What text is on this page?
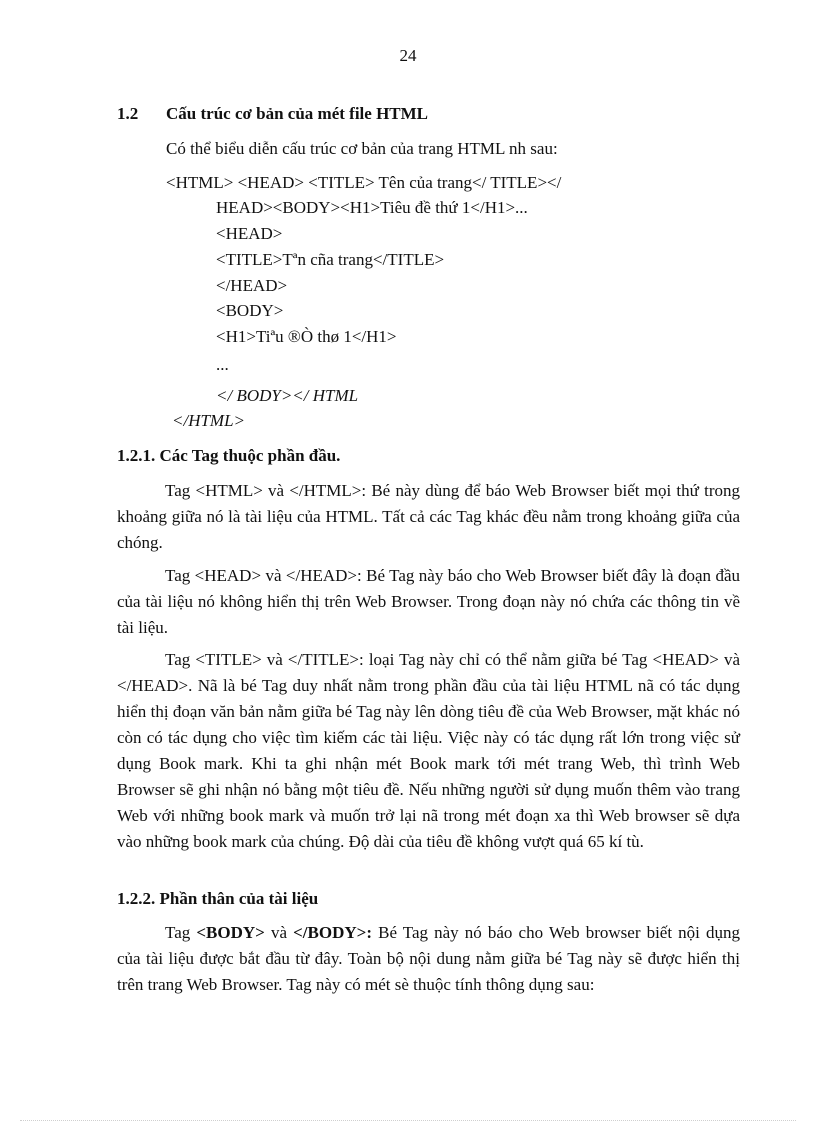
24
1.2 Cấu trúc cơ bản của mét file HTML
Có thể biểu diễn cấu trúc cơ bản của trang HTML nh sau:
<HTML> <HEAD> <TITLE> Tên của trang</ TITLE></
HEAD><BODY><H1>Tiêu đề thứ 1</H1>...
<HEAD>
<TITLE>Tªn cña trang</TITLE>
</HEAD>
<BODY>
<H1>Tiªu ®Ò thø 1</H1>
...
</ BODY></ HTML
</HTML>
1.2.1. Các Tag thuộc phần đầu.

Tag <HTML> và </HTML>: Bé này dùng để báo Web Browser biết mọi thứ trong khoảng giữa nó là tài liệu của HTML. Tất cả các Tag khác đều nằm trong khoảng giữa của chóng.

Tag <HEAD> và </HEAD>: Bé Tag này báo cho Web Browser biết đây là đoạn đầu của tài liệu nó không hiển thị trên Web Browser. Trong đoạn này nó chứa các thông tin về tài liệu.

Tag <TITLE> và </TITLE>: loại Tag này chỉ có thể nằm giữa bé Tag <HEAD> và </HEAD>. Nã là bé Tag duy nhất nằm trong phần đầu của tài liệu HTML nã có tác dụng hiển thị đoạn văn bản nằm giữa bé Tag này lên dòng tiêu đề của Web Browser, mặt khác nó còn có tác dụng cho việc tìm kiếm các tài liệu. Việc này có tác dụng rất lớn trong việc sử dụng Book mark. Khi ta ghi nhận mét Book mark tới mét trang Web, thì trình Web Browser sẽ ghi nhận nó bằng một tiêu đề. Nếu những người sử dụng muốn thêm vào trang Web với những book mark và muốn trở lại nã trong mét đoạn xa thì Web browser sẽ dựa vào những book mark của chúng. Độ dài của tiêu đề không vượt quá 65 kí tù.

1.2.2. Phần thân của tài liệu

Tag <BODY> và </BODY>: Bé Tag này nó báo cho Web browser biết nội dụng của tài liệu được bắt đầu từ đây. Toàn bộ nội dung nằm giữa bé Tag này sẽ được hiển thị trên trang Web Browser. Tag này có mét sè thuộc tính thông dụng sau:
